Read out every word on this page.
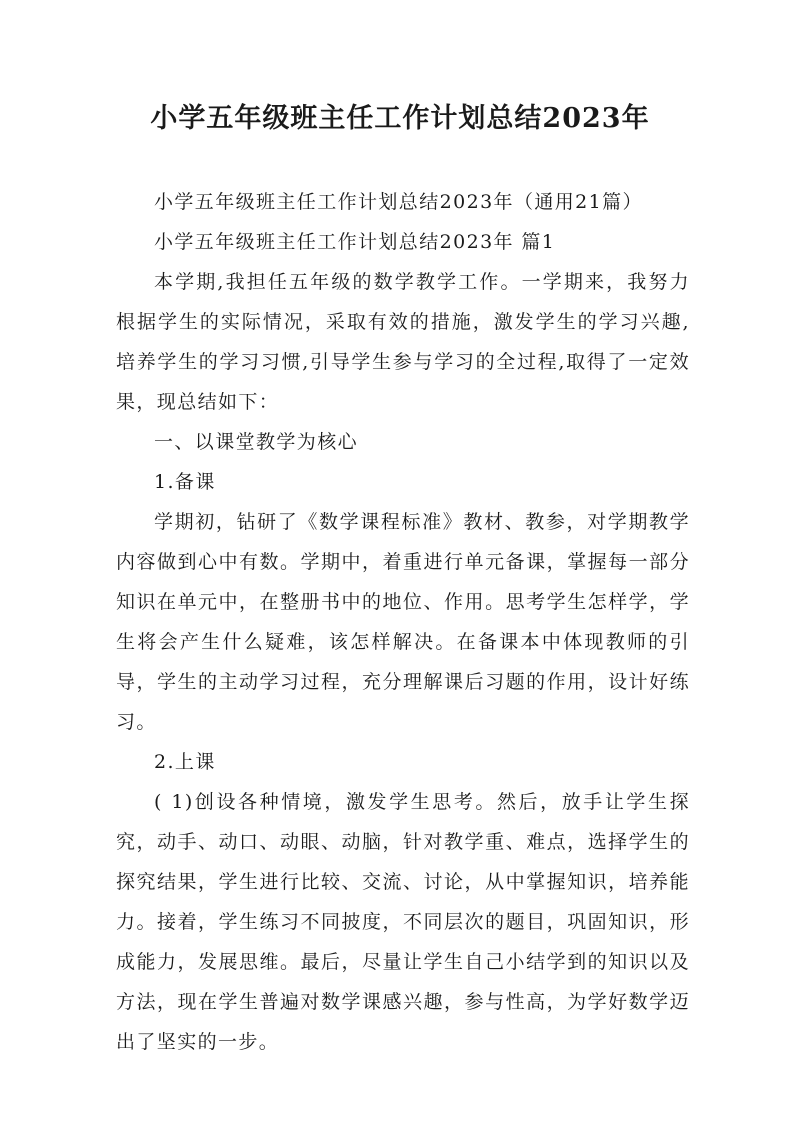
小学五年级班主任工作计划总结2023年

小学五年级班主任工作计划总结2023年（通用21篇）

小学五年级班主任工作计划总结2023年 篇1

本学期,我担任五年级的数学教学工作。一学期来，我努力根据学生的实际情况，采取有效的措施，激发学生的学习兴趣,培养学生的学习习惯,引导学生参与学习的全过程,取得了一定效果，现总结如下：

一、以课堂教学为核心

1.备课

学期初，钻研了《数学课程标准》教材、教参，对学期教学内容做到心中有数。学期中，着重进行单元备课，掌握每一部分知识在单元中，在整册书中的地位、作用。思考学生怎样学，学生将会产生什么疑难，该怎样解决。在备课本中体现教师的引导，学生的主动学习过程，充分理解课后习题的作用，设计好练习。

2.上课

( 1)创设各种情境，激发学生思考。然后，放手让学生探究，动手、动口、动眼、动脑，针对教学重、难点，选择学生的探究结果，学生进行比较、交流、讨论，从中掌握知识，培养能力。接着，学生练习不同披度，不同层次的题目，巩固知识，形成能力，发展思维。最后，尽量让学生自己小结学到的知识以及方法，现在学生普遍对数学课感兴趣，参与性高，为学好数学迈出了坚实的一步。
